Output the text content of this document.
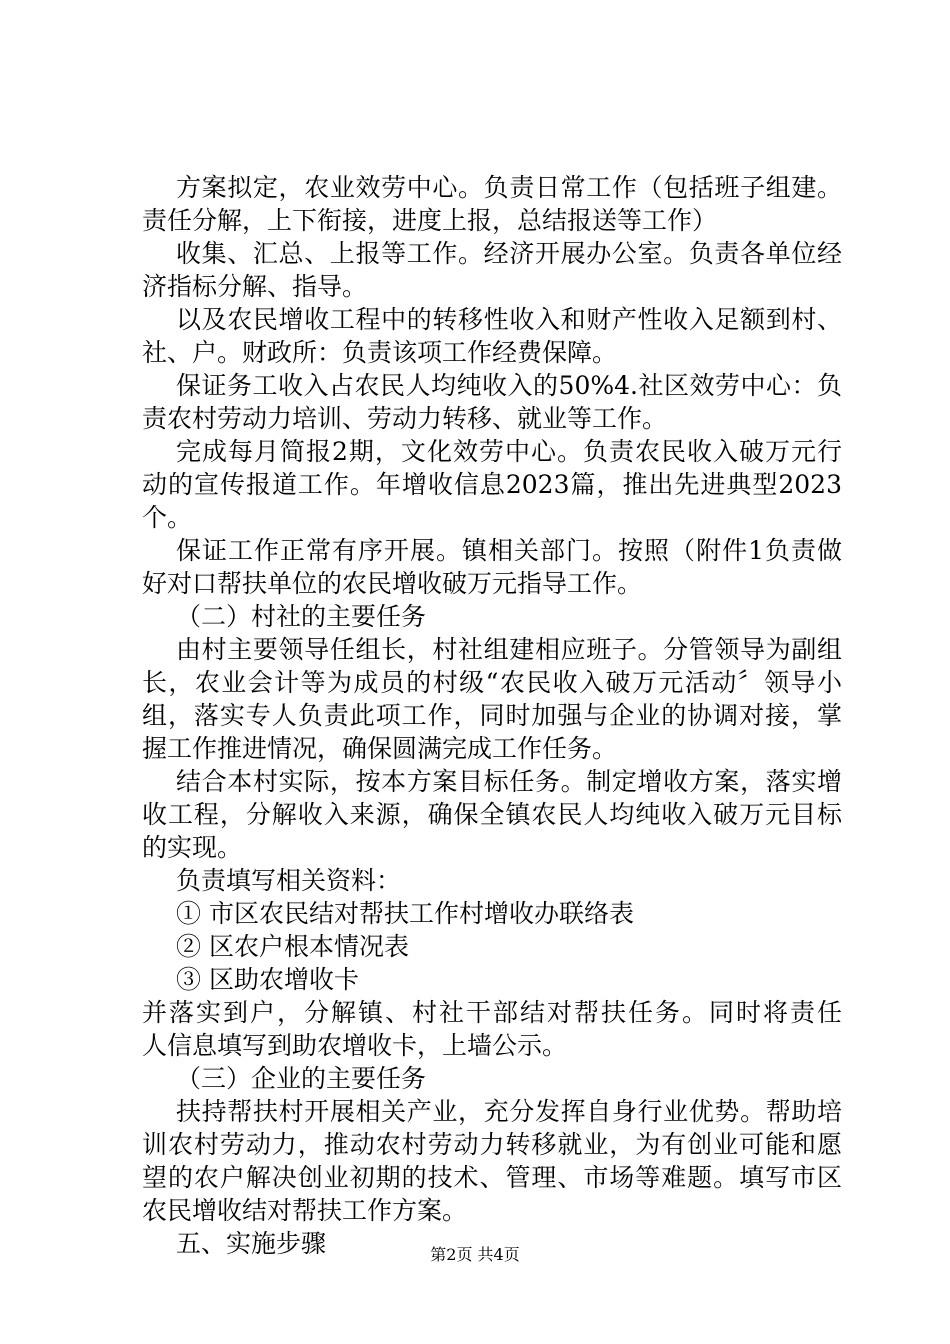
方案拟定，农业效劳中心。负责日常工作（包括班子组建。
责任分解，上下衔接，进度上报，总结报送等工作）
收集、汇总、上报等工作。经济开展办公室。负责各单位经
济指标分解、指导。
以及农民增收工程中的转移性收入和财产性收入足额到村、
社、户。财政所：负责该项工作经费保障。
保证务工收入占农民人均纯收入的50%4.社区效劳中心：负
责农村劳动力培训、劳动力转移、就业等工作。
完成每月简报2期，文化效劳中心。负责农民收入破万元行
动的宣传报道工作。年增收信息2023篇，推出先进典型2023
个。
保证工作正常有序开展。镇相关部门。按照（附件1负责做
好对口帮扶单位的农民增收破万元指导工作。
（二）村社的主要任务
由村主要领导任组长，村社组建相应班子。分管领导为副组
长，农业会计等为成员的村级“农民收入破万元活动〞领导小
组，落实专人负责此项工作，同时加强与企业的协调对接，掌
握工作推进情况，确保圆满完成工作任务。
结合本村实际，按本方案目标任务。制定增收方案，落实增
收工程，分解收入来源，确保全镇农民人均纯收入破万元目标
的实现。
负责填写相关资料：
① 市区农民结对帮扶工作村增收办联络表
② 区农户根本情况表
③ 区助农增收卡
并落实到户，分解镇、村社干部结对帮扶任务。同时将责任
人信息填写到助农增收卡，上墙公示。
（三）企业的主要任务
扶持帮扶村开展相关产业，充分发挥自身行业优势。帮助培
训农村劳动力，推动农村劳动力转移就业，为有创业可能和愿
望的农户解决创业初期的技术、管理、市场等难题。填写市区
农民增收结对帮扶工作方案。
五、实施步骤	第2页 共4页
